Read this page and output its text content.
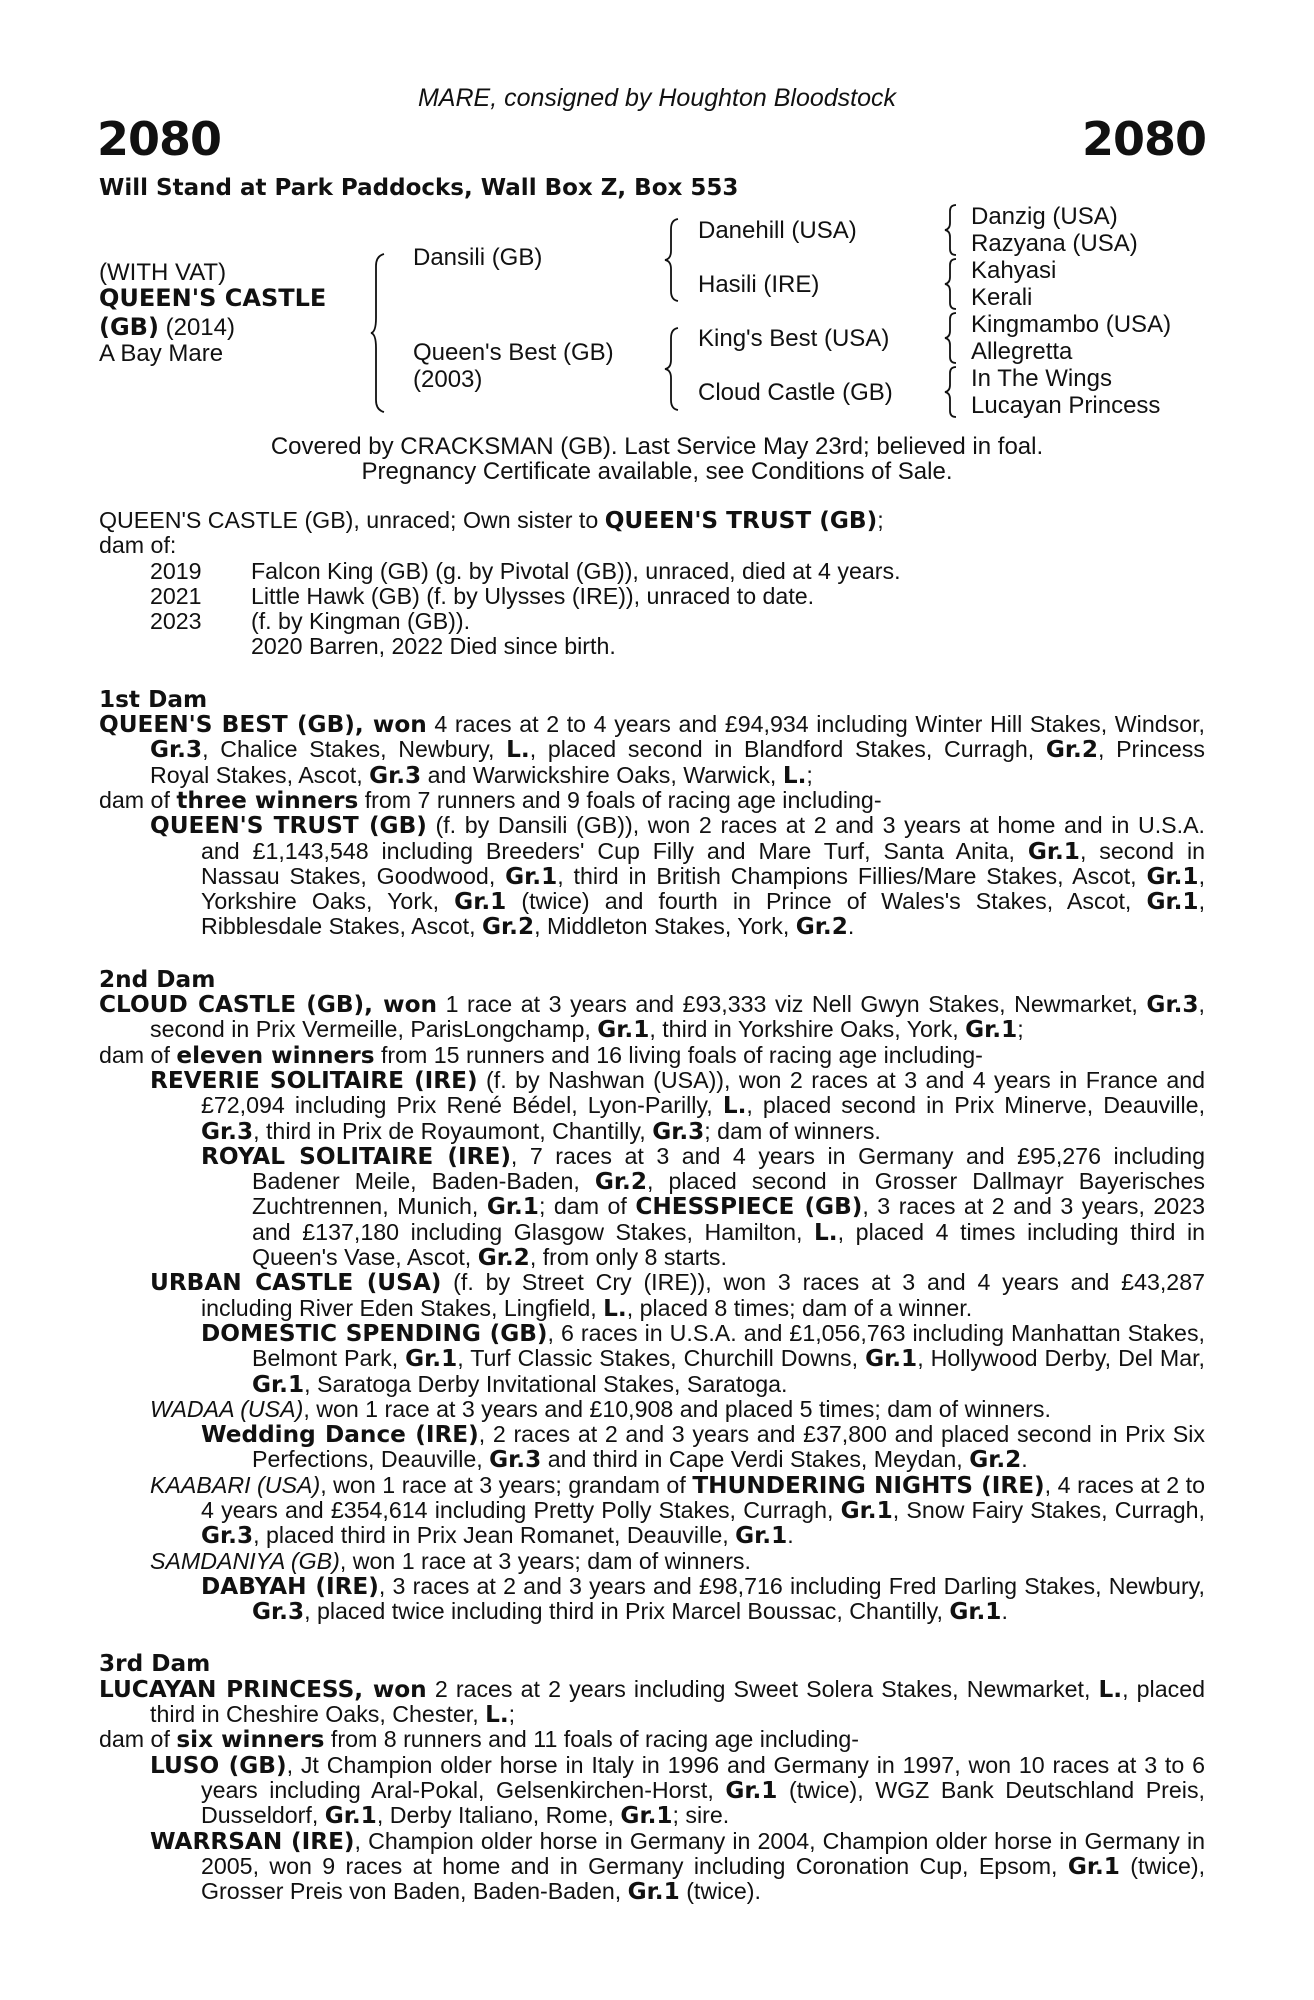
MARE, consigned by Houghton Bloodstock
2080	2080
Will Stand at Park Paddocks, Wall Box Z, Box 553
(WITH VAT)
QUEEN'S CASTLE
(GB) (2014)
A Bay Mare
Dansili (GB)
Queen's Best (GB)
(2003)
Danehill (USA)
Hasili (IRE)
King's Best (USA)
Cloud Castle (GB)
Danzig (USA)
Razyana (USA)
Kahyasi
Kerali
Kingmambo (USA)
Allegretta
In The Wings
Lucayan Princess
Covered by CRACKSMAN (GB). Last Service May 23rd; believed in foal.
Pregnancy Certificate available, see Conditions of Sale.

QUEEN'S CASTLE (GB), unraced; Own sister to QUEEN'S TRUST (GB);

dam of:

2019	Falcon King (GB) (g. by Pivotal (GB)), unraced, died at 4 years.
2021	Little Hawk (GB) (f. by Ulysses (IRE)), unraced to date.
2023	(f. by Kingman (GB)).
2020 Barren, 2022 Died since birth.

1st Dam

QUEEN'S BEST (GB), won 4 races at 2 to 4 years and £94,934 including Winter Hill Stakes, Windsor, Gr.3, Chalice Stakes, Newbury, L., placed second in Blandford Stakes, Curragh, Gr.2, Princess Royal Stakes, Ascot, Gr.3 and Warwickshire Oaks, Warwick, L.;

dam of three winners from 7 runners and 9 foals of racing age including-

QUEEN'S TRUST (GB) (f. by Dansili (GB)), won 2 races at 2 and 3 years at home and in U.S.A. and £1,143,548 including Breeders' Cup Filly and Mare Turf, Santa Anita, Gr.1, second in Nassau Stakes, Goodwood, Gr.1, third in British Champions Fillies/Mare Stakes, Ascot, Gr.1, Yorkshire Oaks, York, Gr.1 (twice) and fourth in Prince of Wales's Stakes, Ascot, Gr.1, Ribblesdale Stakes, Ascot, Gr.2, Middleton Stakes, York, Gr.2.

2nd Dam

CLOUD CASTLE (GB), won 1 race at 3 years and £93,333 viz Nell Gwyn Stakes, Newmarket, Gr.3, second in Prix Vermeille, ParisLongchamp, Gr.1, third in Yorkshire Oaks, York, Gr.1;

dam of eleven winners from 15 runners and 16 living foals of racing age including-

REVERIE SOLITAIRE (IRE) (f. by Nashwan (USA)), won 2 races at 3 and 4 years in France and £72,094 including Prix René Bédel, Lyon-Parilly, L., placed second in Prix Minerve, Deauville, Gr.3, third in Prix de Royaumont, Chantilly, Gr.3; dam of winners.

ROYAL SOLITAIRE (IRE), 7 races at 3 and 4 years in Germany and £95,276 including Badener Meile, Baden-Baden, Gr.2, placed second in Grosser Dallmayr Bayerisches Zuchtrennen, Munich, Gr.1; dam of CHESSPIECE (GB), 3 races at 2 and 3 years, 2023 and £137,180 including Glasgow Stakes, Hamilton, L., placed 4 times including third in Queen's Vase, Ascot, Gr.2, from only 8 starts.

URBAN CASTLE (USA) (f. by Street Cry (IRE)), won 3 races at 3 and 4 years and £43,287 including River Eden Stakes, Lingfield, L., placed 8 times; dam of a winner.

DOMESTIC SPENDING (GB), 6 races in U.S.A. and £1,056,763 including Manhattan Stakes, Belmont Park, Gr.1, Turf Classic Stakes, Churchill Downs, Gr.1, Hollywood Derby, Del Mar, Gr.1, Saratoga Derby Invitational Stakes, Saratoga.

WADAA (USA), won 1 race at 3 years and £10,908 and placed 5 times; dam of winners.

Wedding Dance (IRE), 2 races at 2 and 3 years and £37,800 and placed second in Prix Six Perfections, Deauville, Gr.3 and third in Cape Verdi Stakes, Meydan, Gr.2.

KAABARI (USA), won 1 race at 3 years; grandam of THUNDERING NIGHTS (IRE), 4 races at 2 to 4 years and £354,614 including Pretty Polly Stakes, Curragh, Gr.1, Snow Fairy Stakes, Curragh, Gr.3, placed third in Prix Jean Romanet, Deauville, Gr.1.

SAMDANIYA (GB), won 1 race at 3 years; dam of winners.

DABYAH (IRE), 3 races at 2 and 3 years and £98,716 including Fred Darling Stakes, Newbury, Gr.3, placed twice including third in Prix Marcel Boussac, Chantilly, Gr.1.

3rd Dam

LUCAYAN PRINCESS, won 2 races at 2 years including Sweet Solera Stakes, Newmarket, L., placed third in Cheshire Oaks, Chester, L.;

dam of six winners from 8 runners and 11 foals of racing age including-

LUSO (GB), Jt Champion older horse in Italy in 1996 and Germany in 1997, won 10 races at 3 to 6 years including Aral-Pokal, Gelsenkirchen-Horst, Gr.1 (twice), WGZ Bank Deutschland Preis, Dusseldorf, Gr.1, Derby Italiano, Rome, Gr.1; sire.

WARRSAN (IRE), Champion older horse in Germany in 2004, Champion older horse in Germany in 2005, won 9 races at home and in Germany including Coronation Cup, Epsom, Gr.1 (twice), Grosser Preis von Baden, Baden-Baden, Gr.1 (twice).
